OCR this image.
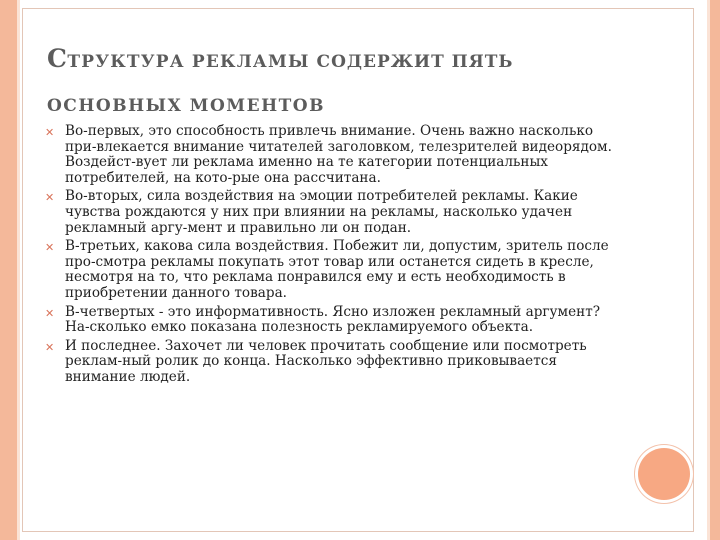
СТРУКТУРА РЕКЛАМЫ СОДЕРЖИТ ПЯТЬ
ОСНОВНЫХ МОМЕНТОВ
✕ Во-первых, это способность привлечь внимание. Очень важно насколько при-влекается внимание читателей заголовком, телезрителей видеорядом. Воздейст-вует ли реклама именно на те категории потенциальных потребителей, на кото-рые она рассчитана.
✕ Во-вторых, сила воздействия на эмоции потребителей рекламы. Какие чувства рождаются у них при влиянии на рекламы, насколько удачен рекламный аргу-мент и правильно ли он подан.
✕ В-третьих, какова сила воздействия. Побежит ли, допустим, зритель после про-смотра рекламы покупать этот товар или останется сидеть в кресле, несмотря на то, что реклама понравился ему и есть необходимость в приобретении данного товара.
✕ В-четвертых - это информативность. Ясно изложен рекламный аргумент? На-сколько емко показана полезность рекламируемого объекта.
✕ И последнее. Захочет ли человек прочитать сообщение или посмотреть реклам-ный ролик до конца. Насколько эффективно приковывается внимание людей.
